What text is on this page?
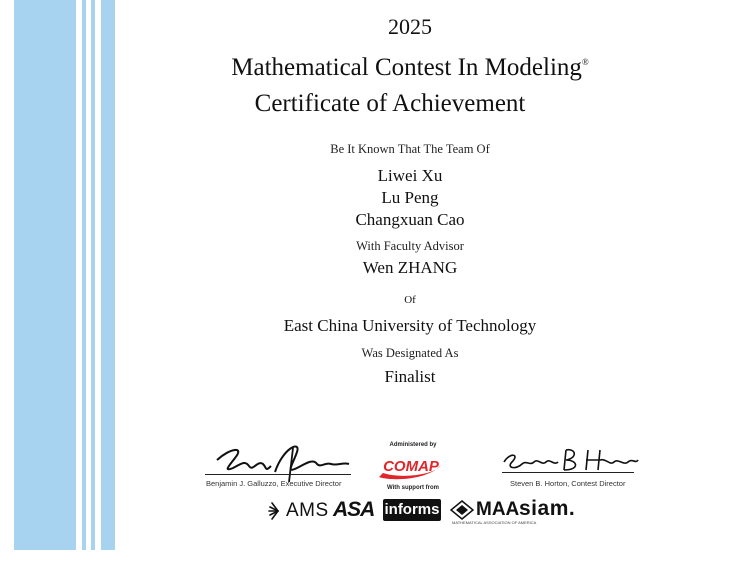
2025
Mathematical Contest In Modeling®
Certificate of Achievement
Be It Known That The Team Of
Liwei Xu
Lu Peng
Changxuan Cao
With Faculty Advisor
Wen ZHANG
Of
East China University of Technology
Was Designated As
Finalist
Benjamin J. Galluzzo, Executive Director
Administered by
COMAP
With support from	Steven B. Horton, Contest Director
AMS ASA informs MAA
MATHEMATICAL ASSOCIATION OF AMERICA
siam.
